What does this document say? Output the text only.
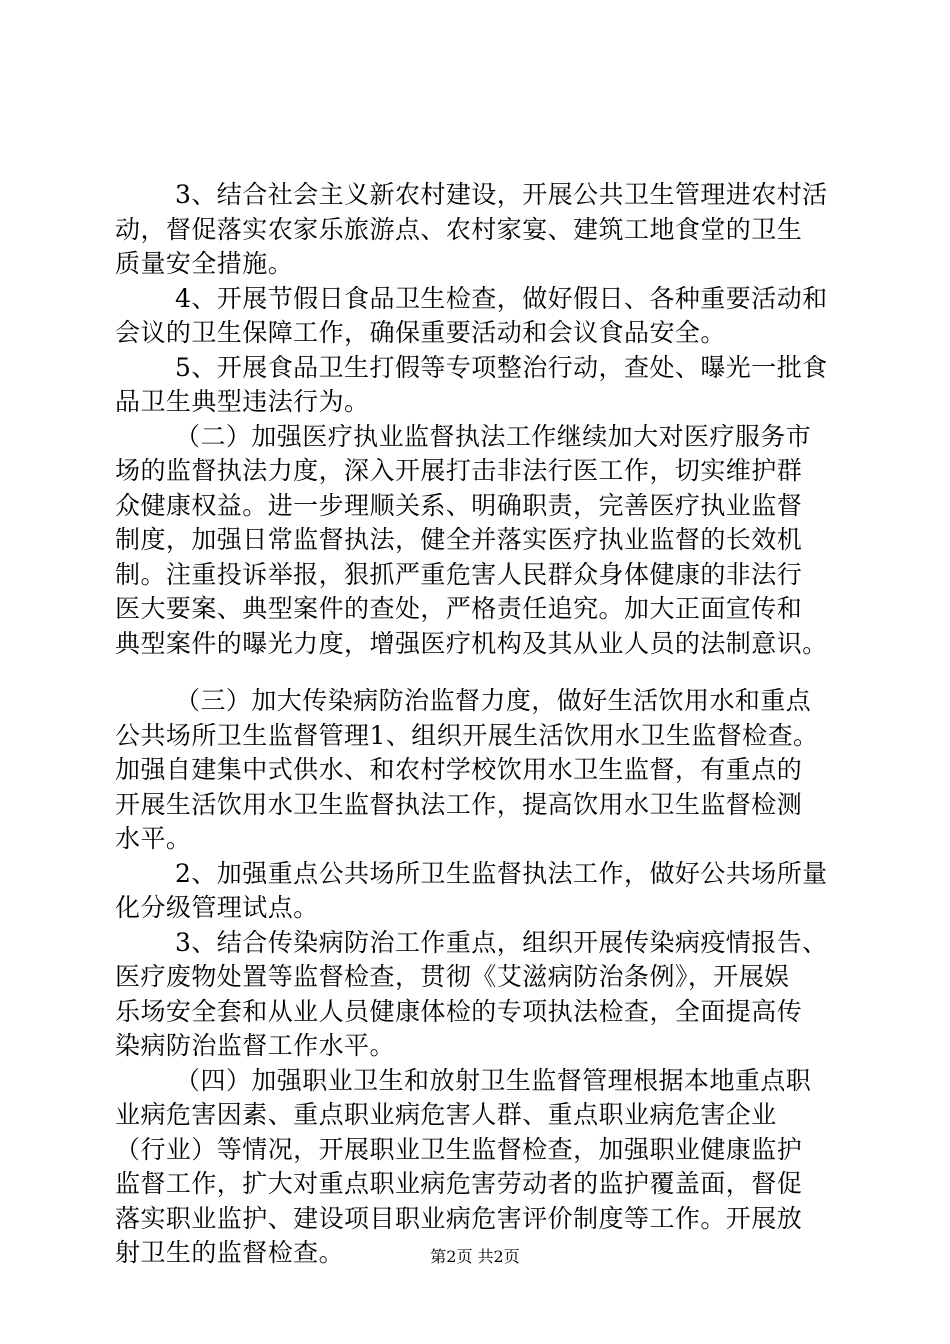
3、结合社会主义新农村建设，开展公共卫生管理进农村活
动，督促落实农家乐旅游点、农村家宴、建筑工地食堂的卫生
质量安全措施。
4、开展节假日食品卫生检查，做好假日、各种重要活动和
会议的卫生保障工作，确保重要活动和会议食品安全。
5、开展食品卫生打假等专项整治行动，查处、曝光一批食
品卫生典型违法行为。
（二）加强医疗执业监督执法工作继续加大对医疗服务市
场的监督执法力度，深入开展打击非法行医工作，切实维护群
众健康权益。进一步理顺关系、明确职责，完善医疗执业监督
制度，加强日常监督执法，健全并落实医疗执业监督的长效机
制。注重投诉举报，狠抓严重危害人民群众身体健康的非法行
医大要案、典型案件的查处，严格责任追究。加大正面宣传和
典型案件的曝光力度，增强医疗机构及其从业人员的法制意识。
（三）加大传染病防治监督力度，做好生活饮用水和重点
公共场所卫生监督管理1、组织开展生活饮用水卫生监督检查。
加强自建集中式供水、和农村学校饮用水卫生监督，有重点的
开展生活饮用水卫生监督执法工作，提高饮用水卫生监督检测
水平。
2、加强重点公共场所卫生监督执法工作，做好公共场所量
化分级管理试点。
3、结合传染病防治工作重点，组织开展传染病疫情报告、
医疗废物处置等监督检查，贯彻《艾滋病防治条例》，开展娱
乐场安全套和从业人员健康体检的专项执法检查，全面提高传
染病防治监督工作水平。
（四）加强职业卫生和放射卫生监督管理根据本地重点职
业病危害因素、重点职业病危害人群、重点职业病危害企业
（行业）等情况，开展职业卫生监督检查，加强职业健康监护
监督工作，扩大对重点职业病危害劳动者的监护覆盖面，督促
落实职业监护、建设项目职业病危害评价制度等工作。开展放
射卫生的监督检查。	第2页 共2页
